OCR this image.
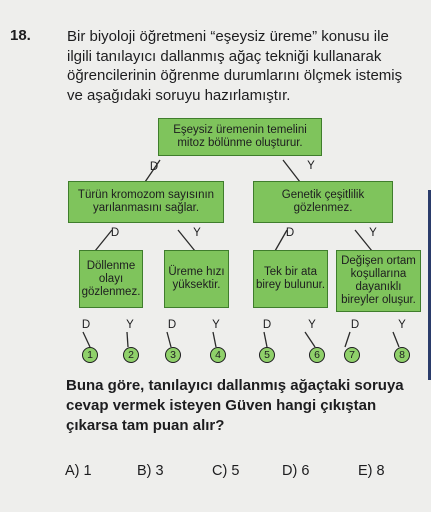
18. Bir biyoloji öğretmeni “eşeysiz üreme” konusu ile
ilgili tanılayıcı dallanmış ağaç tekniği kullanarak
öğrencilerinin öğrenme durumlarını ölçmek istemiş
ve aşağıdaki soruyu hazırlamıştır.
Eşeysiz üremenin temelini
mitoz bölünme oluşturur.
Türün kromozom sayısının
yarılanmasını sağlar.
Genetik çeşitlilik
gözlenmez.
Döllenme
olayı
gözlenmez.
Üreme hızı
yüksektir.
Tek bir ata
birey bulunur.
Değişen ortam
koşullarına
dayanıklı
bireyler oluşur.
D	Y
D	Y	D	Y
D	Y	D	Y	D	Y	D	Y
1	2	3	4	5	6	7	8
Buna göre, tanılayıcı dallanmış ağaçtaki soruya
cevap vermek isteyen Güven hangi çıkıştan
çıkarsa tam puan alır?
A) 1	B) 3	C) 5	D) 6	E) 8
